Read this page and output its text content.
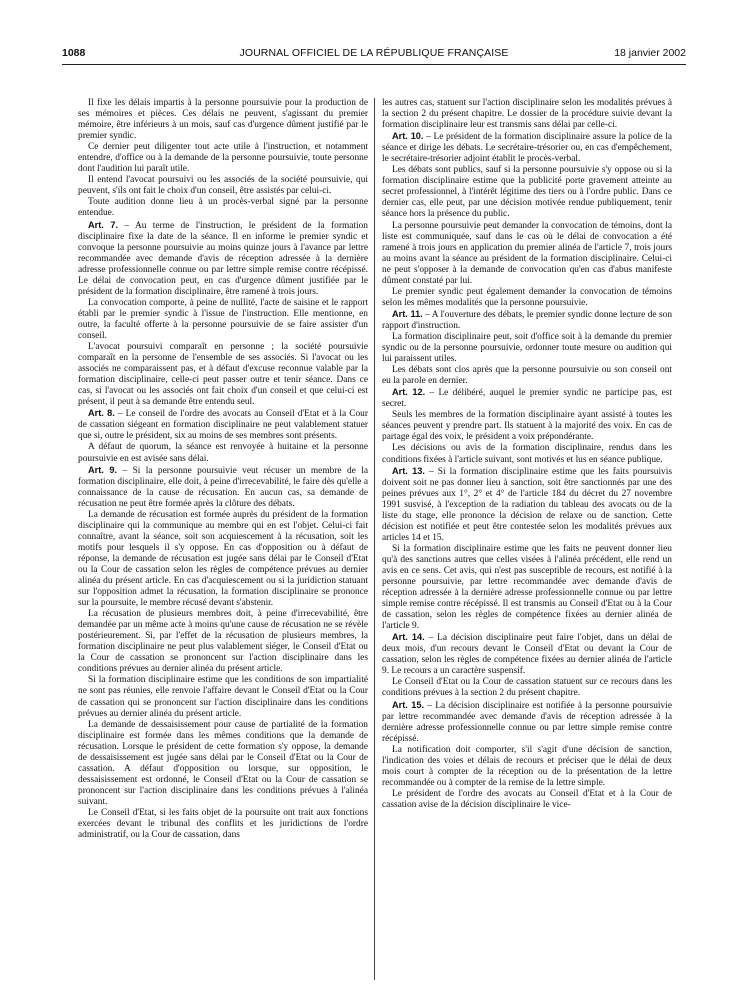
1088	JOURNAL OFFICIEL DE LA RÉPUBLIQUE FRANÇAISE	18 janvier 2002

Il fixe les délais impartis à la personne poursuivie pour la production de ses mémoires et pièces. Ces délais ne peuvent, s'agissant du premier mémoire, être inférieurs à un mois, sauf cas d'urgence dûment justifié par le premier syndic.

Ce dernier peut diligenter tout acte utile à l'instruction, et notamment entendre, d'office ou à la demande de la personne poursuivie, toute personne dont l'audition lui paraît utile.

Il entend l'avocat poursuivi ou les associés de la société poursuivie, qui peuvent, s'ils ont fait le choix d'un conseil, être assistés par celui-ci.

Toute audition donne lieu à un procès-verbal signé par la personne entendue.

Art. 7. – Au terme de l'instruction, le président de la formation disciplinaire fixe la date de la séance. Il en informe le premier syndic et convoque la personne poursuivie au moins quinze jours à l'avance par lettre recommandée avec demande d'avis de réception adressée à la dernière adresse professionnelle connue ou par lettre simple remise contre récépissé. Le délai de convocation peut, en cas d'urgence dûment justifiée par le président de la formation disciplinaire, être ramené à trois jours.

La convocation comporte, à peine de nullité, l'acte de saisine et le rapport établi par le premier syndic à l'issue de l'instruction. Elle mentionne, en outre, la faculté offerte à la personne poursuivie de se faire assister d'un conseil.

L'avocat poursuivi comparaît en personne ; la société poursuivie comparaît en la personne de l'ensemble de ses associés. Si l'avocat ou les associés ne comparaissent pas, et à défaut d'excuse reconnue valable par la formation disciplinaire, celle-ci peut passer outre et tenir séance. Dans ce cas, si l'avocat ou les associés ont fait choix d'un conseil et que celui-ci est présent, il peut à sa demande être entendu seul.

Art. 8. – Le conseil de l'ordre des avocats au Conseil d'Etat et à la Cour de cassation siégeant en formation disciplinaire ne peut valablement statuer que si, outre le président, six au moins de ses membres sont présents.

A défaut de quorum, la séance est renvoyée à huitaine et la personne poursuivie en est avisée sans délai.

Art. 9. – Si la personne poursuivie veut récuser un membre de la formation disciplinaire, elle doit, à peine d'irrecevabilité, le faire dès qu'elle a connaissance de la cause de récusation. En aucun cas, sa demande de récusation ne peut être formée après la clôture des débats.

La demande de récusation est formée auprès du président de la formation disciplinaire qui la communique au membre qui en est l'objet. Celui-ci fait connaître, avant la séance, soit son acquiescement à la récusation, soit les motifs pour lesquels il s'y oppose. En cas d'opposition ou à défaut de réponse, la demande de récusation est jugée sans délai par le Conseil d'Etat ou la Cour de cassation selon les règles de compétence prévues au dernier alinéa du présent article. En cas d'acquiescement ou si la juridiction statuant sur l'opposition admet la récusation, la formation disciplinaire se prononce sur la poursuite, le membre récusé devant s'abstenir.

La récusation de plusieurs membres doit, à peine d'irrecevabilité, être demandée par un même acte à moins qu'une cause de récusation ne se révèle postérieurement. Si, par l'effet de la récusation de plusieurs membres, la formation disciplinaire ne peut plus valablement siéger, le Conseil d'Etat ou la Cour de cassation se prononcent sur l'action disciplinaire dans les conditions prévues au dernier alinéa du présent article.

Si la formation disciplinaire estime que les conditions de son impartialité ne sont pas réunies, elle renvoie l'affaire devant le Conseil d'Etat ou la Cour de cassation qui se prononcent sur l'action disciplinaire dans les conditions prévues au dernier alinéa du présent article.

La demande de dessaisissement pour cause de partialité de la formation disciplinaire est formée dans les mêmes conditions que la demande de récusation. Lorsque le président de cette formation s'y oppose, la demande de dessaisissement est jugée sans délai par le Conseil d'Etat ou la Cour de cassation. A défaut d'opposition ou lorsque, sur opposition, le dessaisissement est ordonné, le Conseil d'Etat ou la Cour de cassation se prononcent sur l'action disciplinaire dans les conditions prévues à l'alinéa suivant.

Le Conseil d'Etat, si les faits objet de la poursuite ont trait aux fonctions exercées devant le tribunal des conflits et les juridictions de l'ordre administratif, ou la Cour de cassation, dans

les autres cas, statuent sur l'action disciplinaire selon les modalités prévues à la section 2 du présent chapitre. Le dossier de la procédure suivie devant la formation disciplinaire leur est transmis sans délai par celle-ci.

Art. 10. – Le président de la formation disciplinaire assure la police de la séance et dirige les débats. Le secrétaire-trésorier ou, en cas d'empêchement, le secrétaire-trésorier adjoint établit le procès-verbal.

Les débats sont publics, sauf si la personne poursuivie s'y oppose ou si la formation disciplinaire estime que la publicité porte gravement atteinte au secret professionnel, à l'intérêt légitime des tiers ou à l'ordre public. Dans ce dernier cas, elle peut, par une décision motivée rendue publiquement, tenir séance hors la présence du public.

La personne poursuivie peut demander la convocation de témoins, dont la liste est communiquée, sauf dans le cas où le délai de convocation a été ramené à trois jours en application du premier alinéa de l'article 7, trois jours au moins avant la séance au président de la formation disciplinaire. Celui-ci ne peut s'opposer à la demande de convocation qu'en cas d'abus manifeste dûment constaté par lui.

Le premier syndic peut également demander la convocation de témoins selon les mêmes modalités que la personne poursuivie.

Art. 11. – A l'ouverture des débats, le premier syndic donne lecture de son rapport d'instruction.

La formation disciplinaire peut, soit d'office soit à la demande du premier syndic ou de la personne poursuivie, ordonner toute mesure ou audition qui lui paraissent utiles.

Les débats sont clos après que la personne poursuivie ou son conseil ont eu la parole en dernier.

Art. 12. – Le délibéré, auquel le premier syndic ne participe pas, est secret.

Seuls les membres de la formation disciplinaire ayant assisté à toutes les séances peuvent y prendre part. Ils statuent à la majorité des voix. En cas de partage égal des voix, le président a voix prépondérante.

Les décisions ou avis de la formation disciplinaire, rendus dans les conditions fixées à l'article suivant, sont motivés et lus en séance publique.

Art. 13. – Si la formation disciplinaire estime que les faits poursuivis doivent soit ne pas donner lieu à sanction, soit être sanctionnés par une des peines prévues aux 1°, 2° et 4° de l'article 184 du décret du 27 novembre 1991 susvisé, à l'exception de la radiation du tableau des avocats ou de la liste du stage, elle prononce la décision de relaxe ou de sanction. Cette décision est notifiée et peut être contestée selon les modalités prévues aux articles 14 et 15.

Si la formation disciplinaire estime que les faits ne peuvent donner lieu qu'à des sanctions autres que celles visées à l'alinéa précédent, elle rend un avis en ce sens. Cet avis, qui n'est pas susceptible de recours, est notifié à la personne poursuivie, par lettre recommandée avec demande d'avis de réception adressée à la dernière adresse professionnelle connue ou par lettre simple remise contre récépissé. Il est transmis au Conseil d'Etat ou à la Cour de cassation, selon les règles de compétence fixées au dernier alinéa de l'article 9.

Art. 14. – La décision disciplinaire peut faire l'objet, dans un délai de deux mois, d'un recours devant le Conseil d'Etat ou devant la Cour de cassation, selon les règles de compétence fixées au dernier alinéa de l'article 9. Le recours a un caractère suspensif.

Le Conseil d'Etat ou la Cour de cassation statuent sur ce recours dans les conditions prévues à la section 2 du présent chapitre.

Art. 15. – La décision disciplinaire est notifiée à la personne poursuivie par lettre recommandée avec demande d'avis de réception adressée à la dernière adresse professionnelle connue ou par lettre simple remise contre récépissé.

La notification doit comporter, s'il s'agit d'une décision de sanction, l'indication des voies et délais de recours et préciser que le délai de deux mois court à compter de la réception ou de la présentation de la lettre recommandée ou à compter de la remise de la lettre simple.

Le président de l'ordre des avocats au Conseil d'Etat et à la Cour de cassation avise de la décision disciplinaire le vice-
